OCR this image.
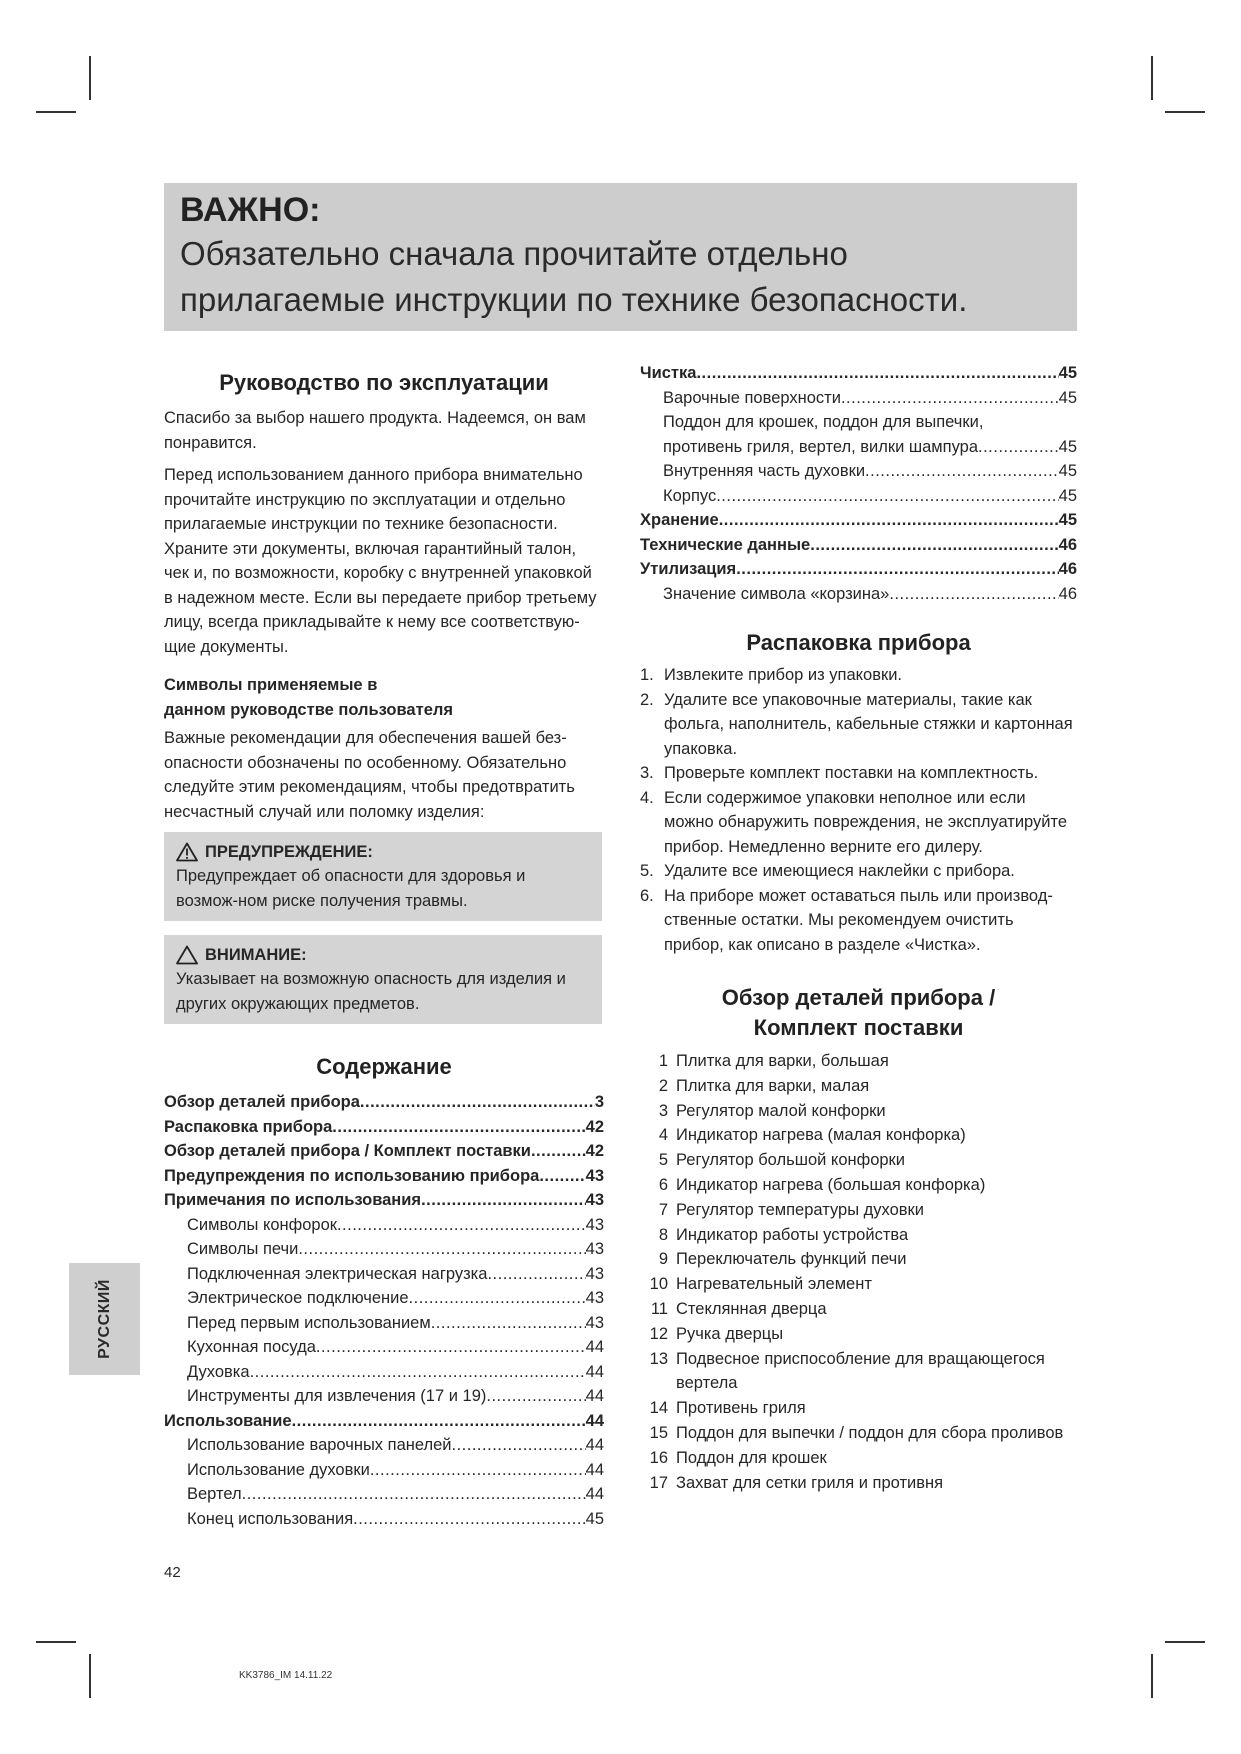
ВАЖНО:
Обязательно сначала прочитайте отдельно прилагаемые инструкции по технике безопасности.
Руководство по эксплуатации

Спасибо за выбор нашего продукта. Надеемся, он вам понравится.

Перед использованием данного прибора внимательно прочитайте инструкцию по эксплуатации и отдельно прилагаемые инструкции по технике безопасности. Храните эти документы, включая гарантийный талон, чек и, по возможности, коробку с внутренней упаковкой в надежном месте. Если вы передаете прибор третьему лицу, всегда прикладывайте к нему все соответствую-щие документы.

Символы применяемые в
данном руководстве пользователя

Важные рекомендации для обеспечения вашей без-опасности обозначены по особенному. Обязательно следуйте этим рекомендациям, чтобы предотвратить несчастный случай или поломку изделия:

ПРЕДУПРЕЖДЕНИЕ:

Предупреждает об опасности для здоровья и возмож-ном риске получения травмы.

ВНИМАНИЕ:

Указывает на возможную опасность для изделия и других окружающих предметов.

Содержание
Обзор деталей прибора .....	3
Распаковка прибора .....	42
Обзор деталей прибора / Комплект поставки .....	42
Предупреждения по использованию прибора .....	43
Примечания по использования .....	43
Символы конфорок .....	43
Символы печи .....	43
Подключенная электрическая нагрузка .....	43
Электрическое подключение .....	43
Перед первым использованием .....	43
Кухонная посуда .....	44
Духовка .....	44
Инструменты для извлечения (17 и 19) .....	44
Использование .....	44
Использование варочных панелей .....	44
Использование духовки .....	44
Вертел .....	44
Конец использования .....	45
Чистка .....	45
Варочные поверхности .....	45
Поддон для крошек, поддон для выпечки,
противень гриля, вертел, вилки шампура .....	45
Внутренняя часть духовки .....	45
Корпус .....	45
Хранение .....	45
Технические данные .....	46
Утилизация .....	46
Значение символа «корзина» .....	46
Распаковка прибора
1. Извлеките прибор из упаковки.
2. Удалите все упаковочные материалы, такие как фольга, наполнитель, кабельные стяжки и картонная упаковка.
3. Проверьте комплект поставки на комплектность.
4. Если содержимое упаковки неполное или если можно обнаружить повреждения, не эксплуатируйте прибор. Немедленно верните его дилеру.
5. Удалите все имеющиеся наклейки с прибора.
6. На приборе может оставаться пыль или производ-ственные остатки. Мы рекомендуем очистить прибор, как описано в разделе «Чистка».
Обзор деталей прибора /
Комплект поставки
1 Плитка для варки, большая
2 Плитка для варки, малая
3 Регулятор малой конфорки
4 Индикатор нагрева (малая конфорка)
5 Регулятор большой конфорки
6 Индикатор нагрева (большая конфорка)
7 Регулятор температуры духовки
8 Индикатор работы устройства
9 Переключатель функций печи
10 Нагревательный элемент
11 Стеклянная дверца
12 Ручка дверцы
13 Подвесное приспособление для вращающегося вертела
14 Противень гриля
15 Поддон для выпечки / поддон для сбора проливов
16 Поддон для крошек
17 Захват для сетки гриля и противня
РУССКИЙ
42
KK3786_IM 14.11.22
